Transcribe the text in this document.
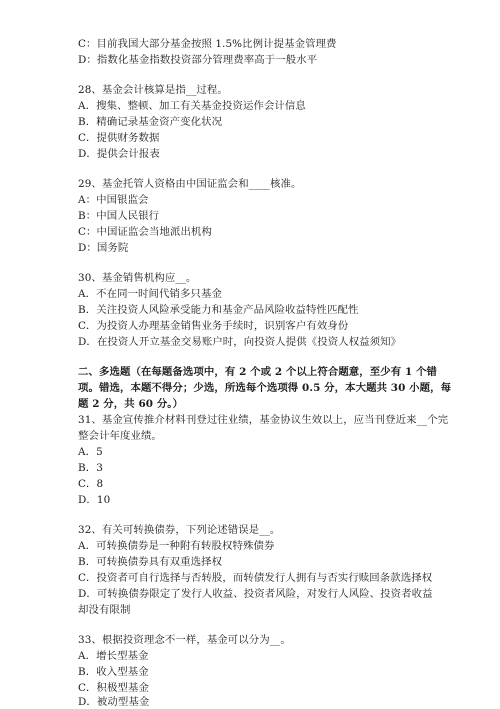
C：目前我国大部分基金按照 1.5%比例计提基金管理费
D：指数化基金指数投资部分管理费率高于一般水平
28、基金会计核算是指__过程。
A．搜集、整顿、加工有关基金投资运作会计信息
B．精确记录基金资产变化状况
C．提供财务数据
D．提供会计报表
29、基金托管人资格由中国证监会和____核准。
A：中国银监会
B：中国人民银行
C：中国证监会当地派出机构
D：国务院
30、基金销售机构应__。
A．不在同一时间代销多只基金
B．关注投资人风险承受能力和基金产品风险收益特性匹配性
C．为投资人办理基金销售业务手续时，识别客户有效身份
D．在投资人开立基金交易账户时，向投资人提供《投资人权益须知》
二、多选题（在每题备选项中，有 2 个或 2 个以上符合题意，至少有 1 个错
项。错选，本题不得分；少选，所选每个选项得 0.5 分，本大题共 30 小题，每
题 2 分，共 60 分。）
31、基金宣传推介材料刊登过往业绩，基金协议生效以上，应当刊登近来__个完
整会计年度业绩。
A．5
B．3
C．8
D．10
32、有关可转换债券，下列论述错误是__。
A．可转换债券是一种附有转股权特殊债券
B．可转换债券具有双重选择权
C．投资者可自行选择与否转股，而转债发行人拥有与否实行赎回条款选择权
D．可转换债券限定了发行人收益、投资者风险，对发行人风险、投资者收益
却没有限制
33、根据投资理念不一样，基金可以分为__。
A．增长型基金
B．收入型基金
C．积极型基金
D．被动型基金
